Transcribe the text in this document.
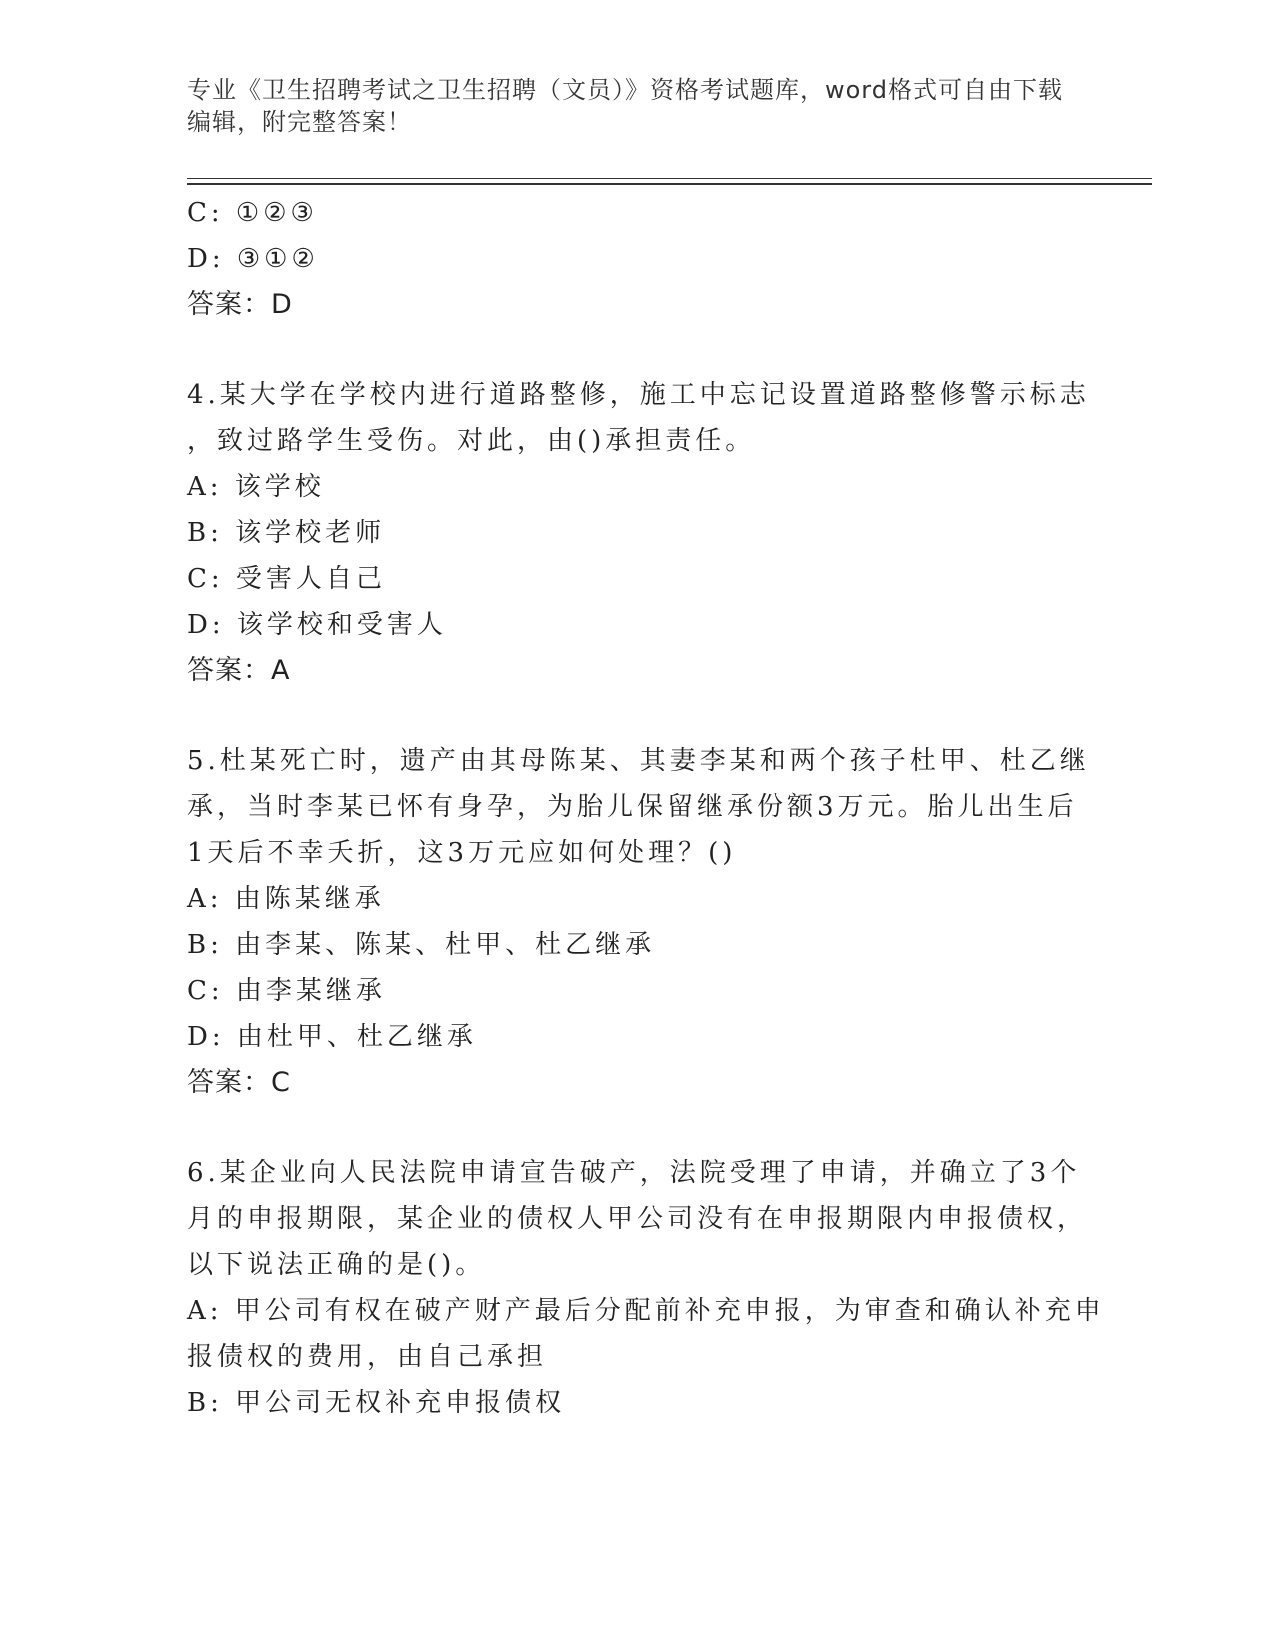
专业《卫生招聘考试之卫生招聘（文员）》资格考试题库，word格式可自由下载
编辑，附完整答案！
C: ①②③
D: ③①②
答案：D
4.某大学在学校内进行道路整修，施工中忘记设置道路整修警示标志
，致过路学生受伤。对此，由()承担责任。
A: 该学校
B: 该学校老师
C: 受害人自己
D: 该学校和受害人
答案：A
5.杜某死亡时，遗产由其母陈某、其妻李某和两个孩子杜甲、杜乙继
承，当时李某已怀有身孕，为胎儿保留继承份额3万元。胎儿出生后
1天后不幸夭折，这3万元应如何处理？()
A: 由陈某继承
B: 由李某、陈某、杜甲、杜乙继承
C: 由李某继承
D: 由杜甲、杜乙继承
答案：C
6.某企业向人民法院申请宣告破产，法院受理了申请，并确立了3个
月的申报期限，某企业的债权人甲公司没有在申报期限内申报债权，
以下说法正确的是()。
A: 甲公司有权在破产财产最后分配前补充申报，为审查和确认补充申
报债权的费用，由自己承担
B: 甲公司无权补充申报债权
